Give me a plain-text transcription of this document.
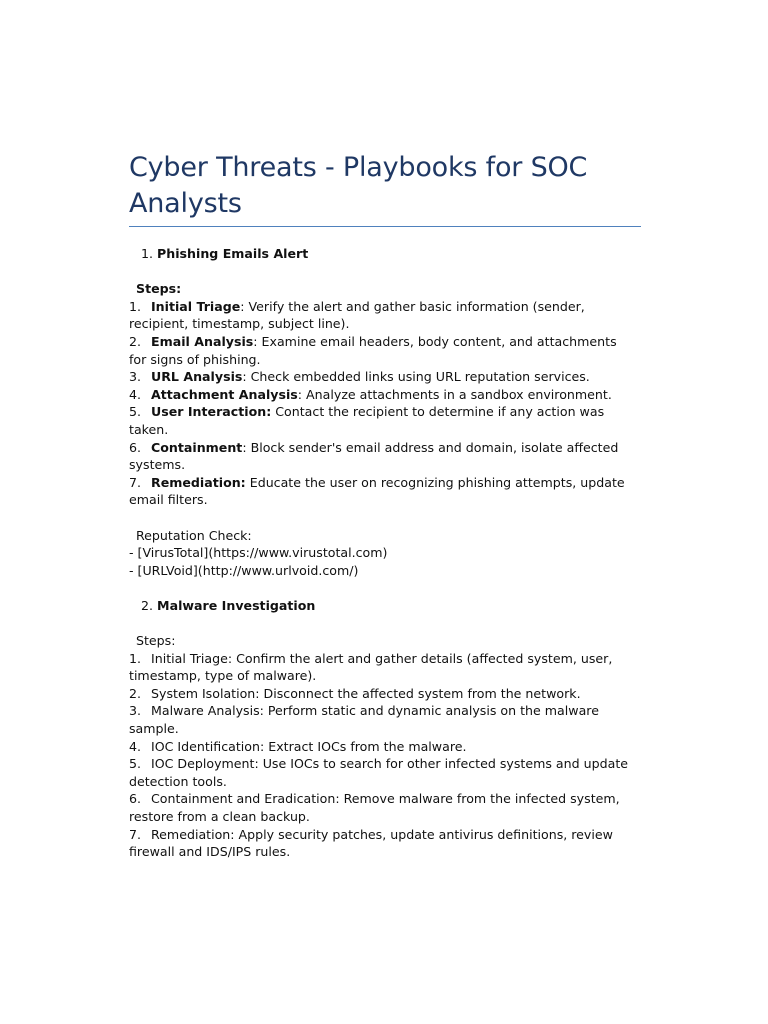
Cyber Threats - Playbooks for SOC Analysts
1. Phishing Emails Alert
Steps:
1. Initial Triage: Verify the alert and gather basic information (sender, recipient, timestamp, subject line).
2. Email Analysis: Examine email headers, body content, and attachments for signs of phishing.
3. URL Analysis: Check embedded links using URL reputation services.
4. Attachment Analysis: Analyze attachments in a sandbox environment.
5. User Interaction: Contact the recipient to determine if any action was taken.
6. Containment: Block sender's email address and domain, isolate affected systems.
7. Remediation: Educate the user on recognizing phishing attempts, update email filters.
Reputation Check:
- [VirusTotal](https://www.virustotal.com)
- [URLVoid](http://www.urlvoid.com/)
2. Malware Investigation
Steps:
1. Initial Triage: Confirm the alert and gather details (affected system, user, timestamp, type of malware).
2. System Isolation: Disconnect the affected system from the network.
3. Malware Analysis: Perform static and dynamic analysis on the malware sample.
4. IOC Identification: Extract IOCs from the malware.
5. IOC Deployment: Use IOCs to search for other infected systems and update detection tools.
6. Containment and Eradication: Remove malware from the infected system, restore from a clean backup.
7. Remediation: Apply security patches, update antivirus definitions, review firewall and IDS/IPS rules.
